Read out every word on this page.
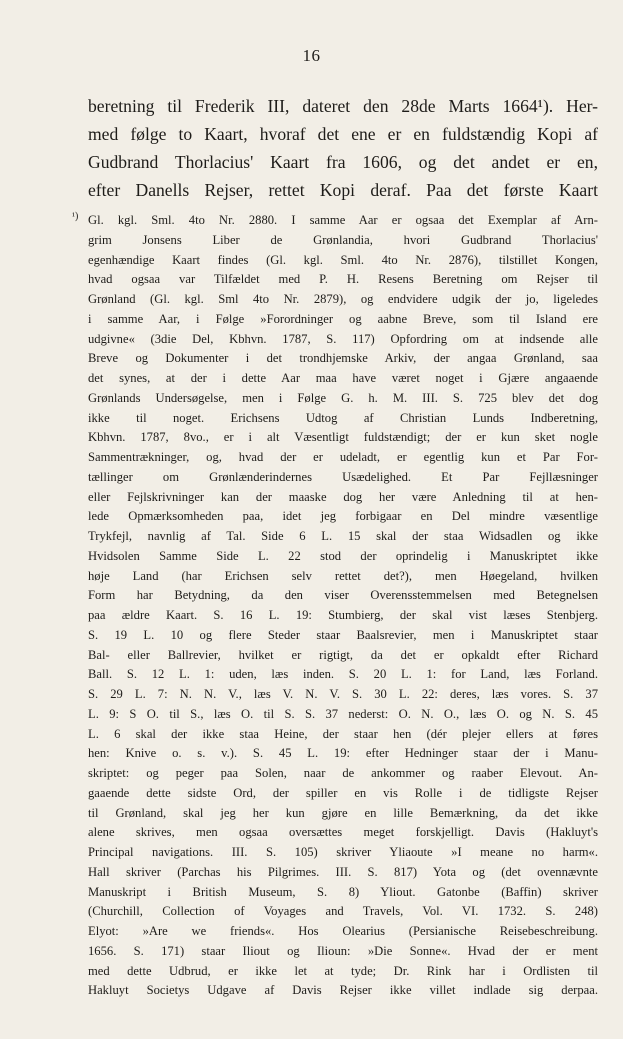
16
beretning til Frederik III, dateret den 28de Marts 1664¹). Her-
med følge to Kaart, hvoraf det ene er en fuldstændig Kopi af
Gudbrand Thorlacius' Kaart fra 1606, og det andet er en,
efter Danells Rejser, rettet Kopi deraf. Paa det første Kaart
¹) Gl. kgl. Sml. 4to Nr. 2880. I samme Aar er ogsaa det Exemplar af Arn-
grim Jonsens Liber de Grønlandia, hvori Gudbrand Thorlacius'
egenhændige Kaart findes (Gl. kgl. Sml. 4to Nr. 2876), tilstillet Kongen,
hvad ogsaa var Tilfældet med P. H. Resens Beretning om Rejser til
Grønland (Gl. kgl. Sml 4to Nr. 2879), og endvidere udgik der jo, ligeledes
i samme Aar, i Følge »Forordninger og aabne Breve, som til Island ere
udgivne« (3die Del, Kbhvn. 1787, S. 117) Opfordring om at indsende alle
Breve og Dokumenter i det trondhjemske Arkiv, der angaa Grønland, saa
det synes, at der i dette Aar maa have været noget i Gjære angaaende
Grønlands Undersøgelse, men i Følge G. h. M. III. S. 725 blev det dog
ikke til noget. Erichsens Udtog af Christian Lunds Indberetning,
Kbhvn. 1787, 8vo., er i alt Væsentligt fuldstændigt; der er kun sket nogle
Sammentrækninger, og, hvad der er udeladt, er egentlig kun et Par For-
tællinger om Grønlænderindernes Usædelighed. Et Par Fejllæsninger
eller Fejlskrivninger kan der maaske dog her være Anledning til at hen-
lede Opmærksomheden paa, idet jeg forbigaar en Del mindre væsentlige
Trykfejl, navnlig af Tal. Side 6 L. 15 skal der staa Widsadlen og ikke
Hvidsolen Samme Side L. 22 stod der oprindelig i Manuskriptet ikke
høje Land (har Erichsen selv rettet det?), men Høegeland, hvilken
Form har Betydning, da den viser Overensstemmelsen med Betegnelsen
paa ældre Kaart. S. 16 L. 19: Stumbierg, der skal vist læses Stenbjerg.
S. 19 L. 10 og flere Steder staar Baalsrevier, men i Manuskriptet staar
Bal- eller Ballrevier, hvilket er rigtigt, da det er opkaldt efter Richard
Ball. S. 12 L. 1: uden, læs inden. S. 20 L. 1: for Land, læs Forland.
S. 29 L. 7: N. N. V., læs V. N. V. S. 30 L. 22: deres, læs vores. S. 37
L. 9: S O. til S., læs O. til S. S. 37 nederst: O. N. O., læs O. og N. S. 45
L. 6 skal der ikke staa Heine, der staar hen (dér plejer ellers at føres
hen: Knive o. s. v.). S. 45 L. 19: efter Hedninger staar der i Manu-
skriptet: og peger paa Solen, naar de ankommer og raaber Elevout. An-
gaaende dette sidste Ord, der spiller en vis Rolle i de tidligste Rejser
til Grønland, skal jeg her kun gjøre en lille Bemærkning, da det ikke
alene skrives, men ogsaa oversættes meget forskjelligt. Davis (Hakluyt's
Principal navigations. III. S. 105) skriver Yliaoute »I meane no harm«.
Hall skriver (Parchas his Pilgrimes. III. S. 817) Yota og (det ovennævnte
Manuskript i British Museum, S. 8) Yliout. Gatonbe (Baffin) skriver
(Churchill, Collection of Voyages and Travels, Vol. VI. 1732. S. 248)
Elyot: »Are we friends«. Hos Olearius (Persianische Reisebeschreibung.
1656. S. 171) staar Iliout og Ilioun: »Die Sonne«. Hvad der er ment
med dette Udbrud, er ikke let at tyde; Dr. Rink har i Ordlisten til
Hakluyt Societys Udgave af Davis Rejser ikke villet indlade sig derpaa.
